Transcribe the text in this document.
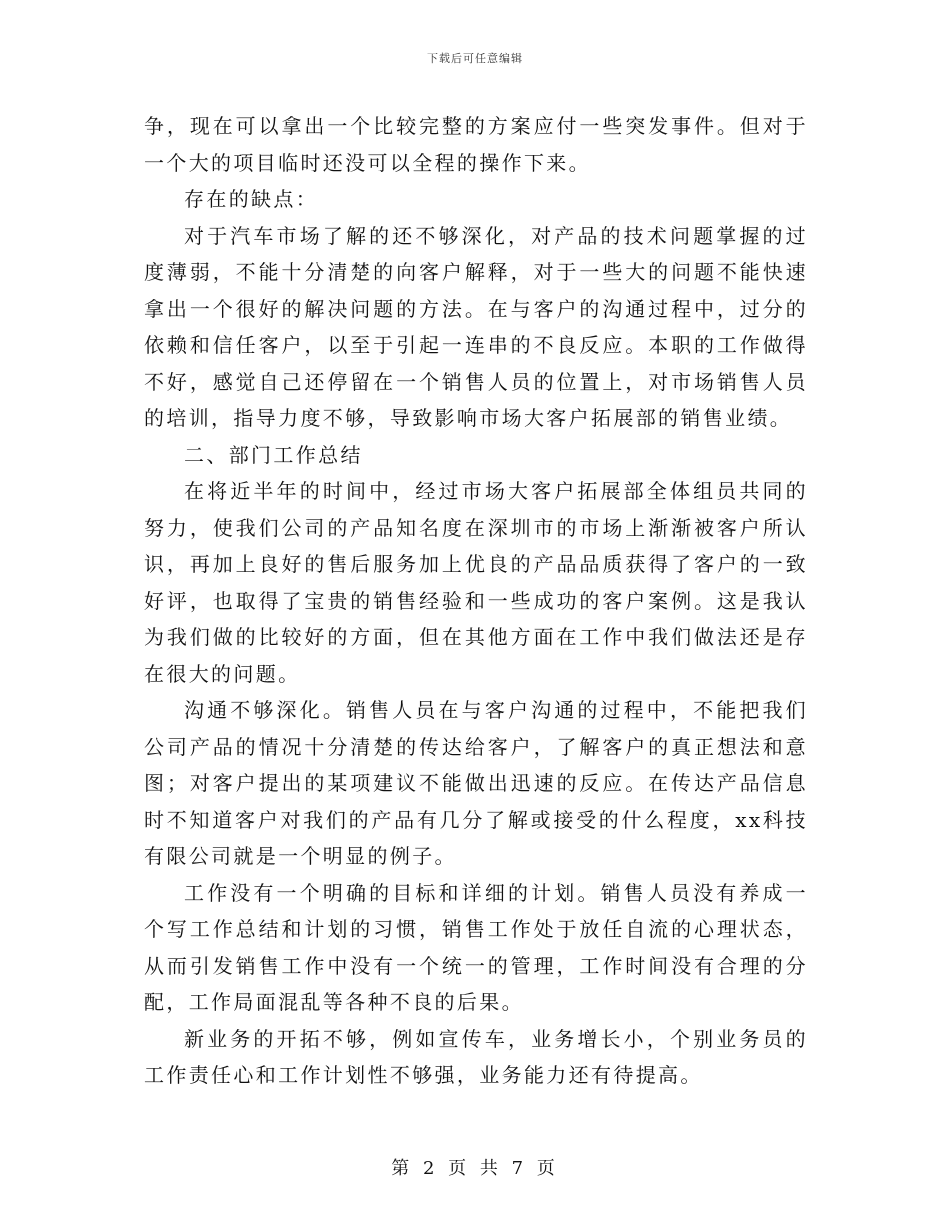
下载后可任意编辑

争，现在可以拿出一个比较完整的方案应付一些突发事件。但对于一个大的项目临时还没可以全程的操作下来。

存在的缺点：

对于汽车市场了解的还不够深化，对产品的技术问题掌握的过度薄弱，不能十分清楚的向客户解释，对于一些大的问题不能快速拿出一个很好的解决问题的方法。在与客户的沟通过程中，过分的依赖和信任客户，以至于引起一连串的不良反应。本职的工作做得不好，感觉自己还停留在一个销售人员的位置上，对市场销售人员的培训，指导力度不够，导致影响市场大客户拓展部的销售业绩。

二、部门工作总结

在将近半年的时间中，经过市场大客户拓展部全体组员共同的努力，使我们公司的产品知名度在深圳市的市场上渐渐被客户所认识，再加上良好的售后服务加上优良的产品品质获得了客户的一致好评，也取得了宝贵的销售经验和一些成功的客户案例。这是我认为我们做的比较好的方面，但在其他方面在工作中我们做法还是存在很大的问题。

沟通不够深化。销售人员在与客户沟通的过程中，不能把我们公司产品的情况十分清楚的传达给客户，了解客户的真正想法和意图；对客户提出的某项建议不能做出迅速的反应。在传达产品信息时不知道客户对我们的产品有几分了解或接受的什么程度，xx科技有限公司就是一个明显的例子。

工作没有一个明确的目标和详细的计划。销售人员没有养成一个写工作总结和计划的习惯，销售工作处于放任自流的心理状态，从而引发销售工作中没有一个统一的管理，工作时间没有合理的分配，工作局面混乱等各种不良的后果。

新业务的开拓不够，例如宣传车，业务增长小，个别业务员的工作责任心和工作计划性不够强，业务能力还有待提高。

第 2 页 共 7 页
